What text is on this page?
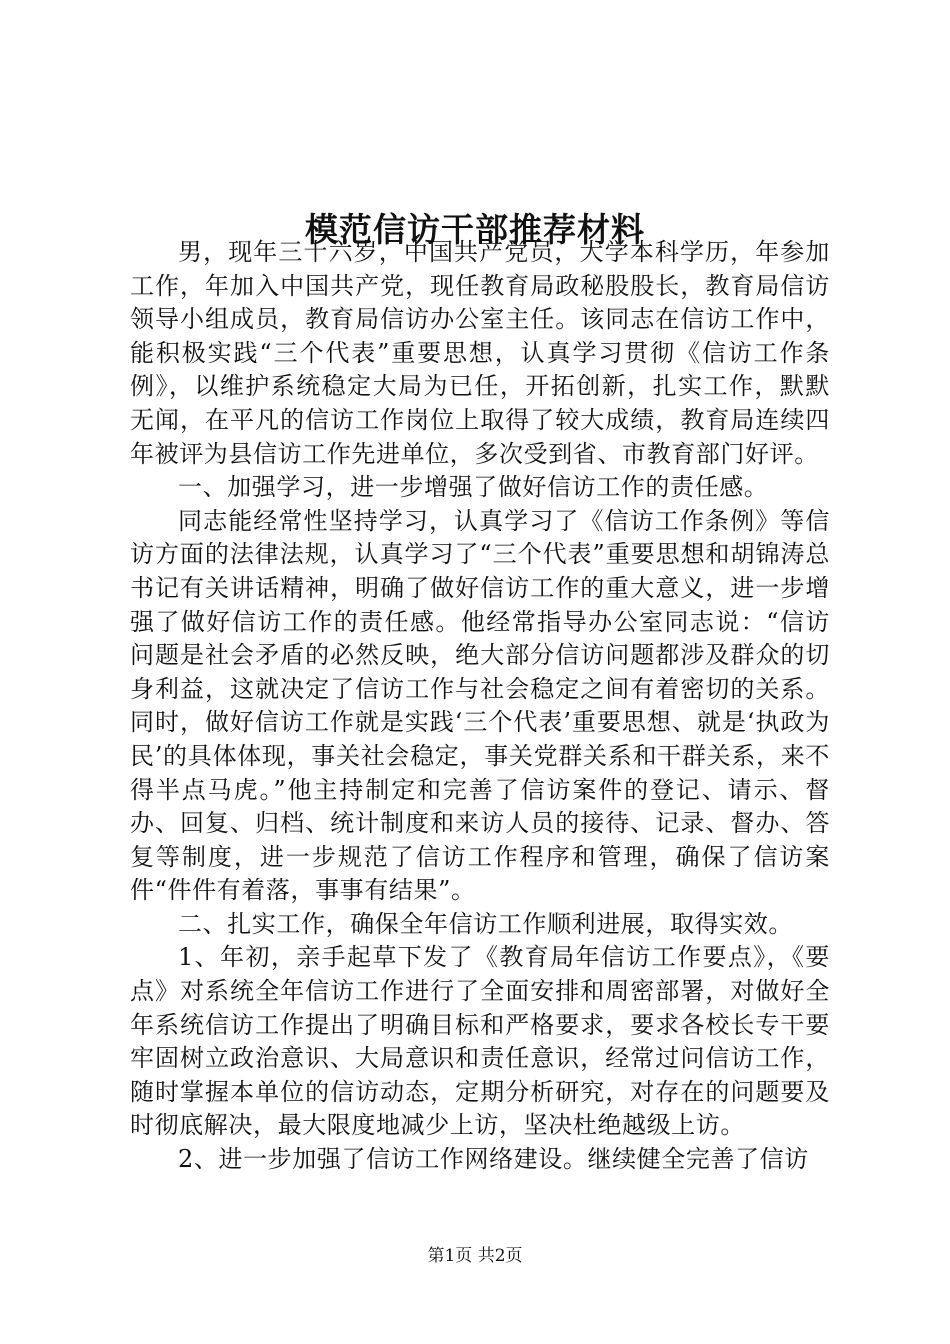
模范信访干部推荐材料

男，现年三十六岁，中国共产党员，大学本科学历，年参加工作，年加入中国共产党，现任教育局政秘股股长，教育局信访领导小组成员，教育局信访办公室主任。该同志在信访工作中，能积极实践“三个代表”重要思想，认真学习贯彻《信访工作条例》，以维护系统稳定大局为已任，开拓创新，扎实工作，默默无闻，在平凡的信访工作岗位上取得了较大成绩，教育局连续四年被评为县信访工作先进单位，多次受到省、市教育部门好评。

一、加强学习，进一步增强了做好信访工作的责任感。

同志能经常性坚持学习，认真学习了《信访工作条例》等信访方面的法律法规，认真学习了“三个代表”重要思想和胡锦涛总书记有关讲话精神，明确了做好信访工作的重大意义，进一步增强了做好信访工作的责任感。他经常指导办公室同志说：“信访问题是社会矛盾的必然反映，绝大部分信访问题都涉及群众的切身利益，这就决定了信访工作与社会稳定之间有着密切的关系。同时，做好信访工作就是实践‘三个代表’重要思想、就是‘执政为民’的具体体现，事关社会稳定，事关党群关系和干群关系，来不得半点马虎。”他主持制定和完善了信访案件的登记、请示、督办、回复、归档、统计制度和来访人员的接待、记录、督办、答复等制度，进一步规范了信访工作程序和管理，确保了信访案件“件件有着落，事事有结果”。

二、扎实工作，确保全年信访工作顺利进展，取得实效。

1、年初，亲手起草下发了《教育局年信访工作要点》，《要点》对系统全年信访工作进行了全面安排和周密部署，对做好全年系统信访工作提出了明确目标和严格要求，要求各校长专干要牢固树立政治意识、大局意识和责任意识，经常过问信访工作，随时掌握本单位的信访动态，定期分析研究，对存在的问题要及时彻底解决，最大限度地减少上访，坚决杜绝越级上访。

2、进一步加强了信访工作网络建设。继续健全完善了信访

第1页 共2页
